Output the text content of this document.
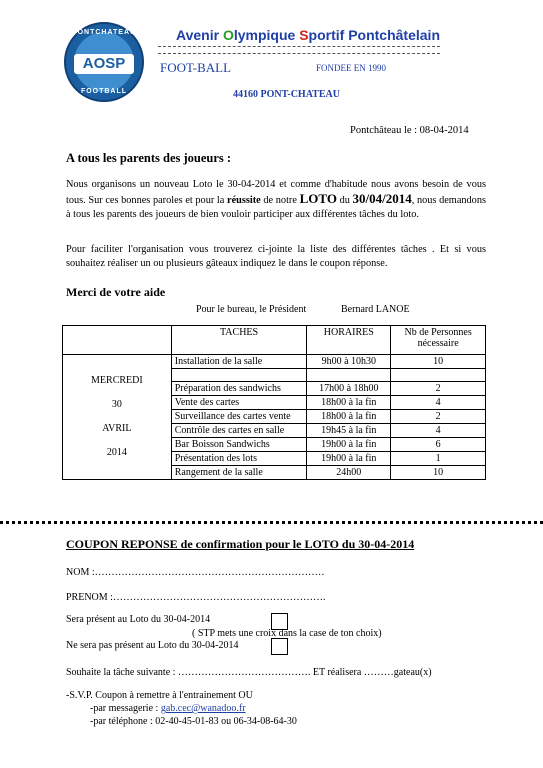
PONTCHATEAU
AOSP
FOOTBALL
Avenir Olympique Sportif Pontchâtelain
FOOT-BALL	FONDEE EN 1990
44160 PONT-CHATEAU
Pontchâteau le : 08-04-2014
A tous les parents des joueurs :
Nous organisons un nouveau Loto le 30-04-2014 et comme d'habitude nous avons besoin de vous tous. Sur ces bonnes paroles et pour la réussite de notre LOTO du 30/04/2014, nous demandons à tous les parents des joueurs de bien vouloir participer aux différentes tâches du loto.
Pour faciliter l'organisation vous trouverez ci-jointe la liste des différentes tâches . Et si vous souhaitez réaliser un ou plusieurs gâteaux indiquez le dans le coupon réponse.
Merci de votre aide
Pour le bureau, le Président	Bernard LANOE
	TACHES	HORAIRES	Nb de Personnes nécessaire

MERCREDI
30
AVRIL
2014	Installation de la salle	9h00 à 10h30	10

	Préparation des sandwichs	17h00 à 18h00	2
	Vente des cartes	18h00 à la fin	4
	Surveillance des cartes vente	18h00 à la fin	2
	Contrôle des cartes en salle	19h45 à la fin	4
	Bar Boisson Sandwichs	19h00 à la fin	6
	Présentation des lots	19h00 à la fin	1
	Rangement de la salle	24h00	10
COUPON REPONSE de confirmation pour le LOTO du 30-04-2014
NOM :……………………………………………………………
PRENOM :……………………………………………………….
Sera présent au Loto du 30-04-2014
( STP mets une croix dans la case de ton choix)
Ne sera pas présent au Loto du 30-04-2014
Souhaite la tâche suivante : …………………………………. ET réalisera ………gateau(x)
-S.V.P. Coupon à remettre à l'entrainement OU
-par messagerie : gab.cec@wanadoo.fr
-par téléphone : 02-40-45-01-83 ou 06-34-08-64-30
